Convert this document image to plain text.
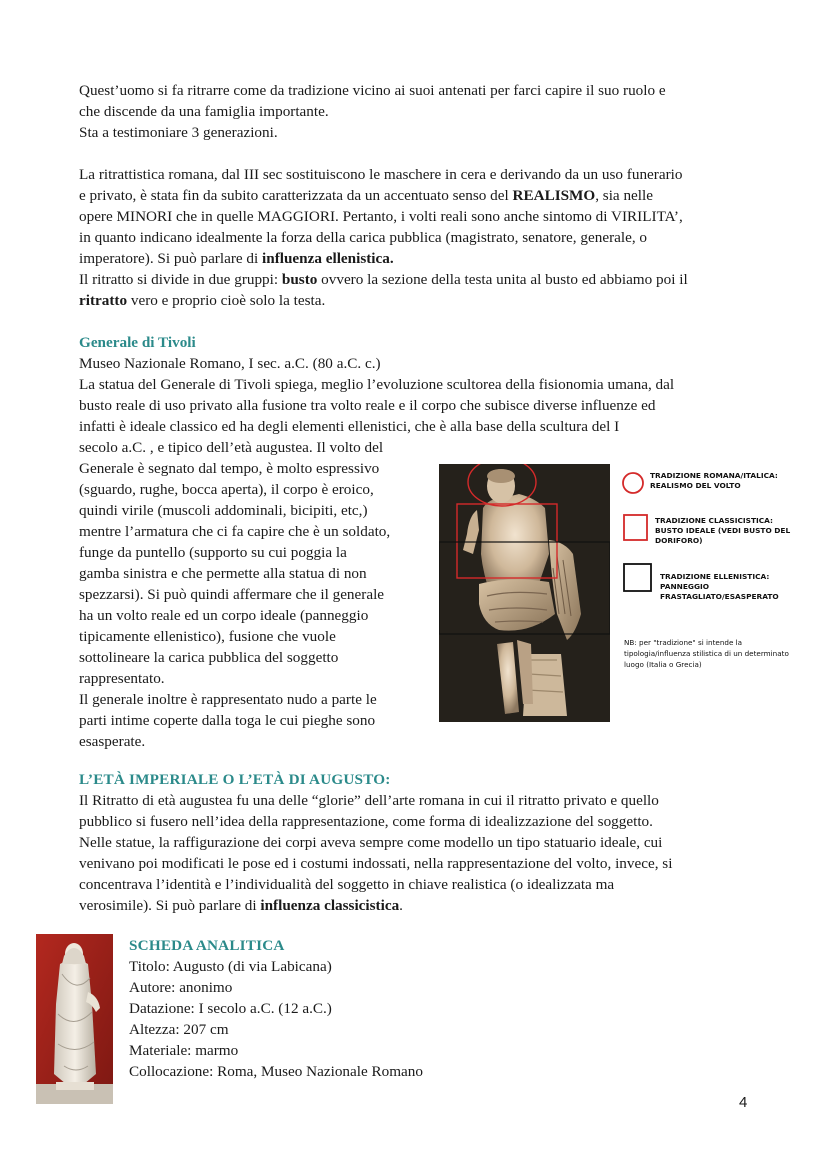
Quest’uomo si fa ritrarre come da tradizione vicino ai suoi antenati per farci capire il suo ruolo e

che discende da una famiglia importante.

Sta a testimoniare 3 generazioni.

La ritrattistica romana, dal III sec sostituiscono le maschere in cera e derivando da un uso funerario

e privato, è stata fin da subito caratterizzata da un accentuato senso del REALISMO, sia nelle

opere MINORI che in quelle MAGGIORI. Pertanto, i volti reali sono anche sintomo di VIRILITA’,

in quanto indicano idealmente la forza della carica pubblica (magistrato, senatore, generale, o

imperatore). Si può parlare di influenza ellenistica.

Il ritratto si divide in due gruppi: busto ovvero la sezione della testa unita al busto ed abbiamo poi il

ritratto vero e proprio cioè solo la testa.

Generale di Tivoli

Museo Nazionale Romano, I sec. a.C. (80 a.C. c.)

La statua del Generale di Tivoli spiega, meglio l’evoluzione scultorea della fisionomia umana, dal

busto reale di uso privato alla fusione tra volto reale e il corpo che subisce diverse influenze ed

infatti è ideale classico ed ha degli elementi ellenistici, che è alla base della scultura del I

secolo a.C. , e tipico dell’età augustea. Il volto del

Generale è segnato dal tempo, è molto espressivo

(sguardo, rughe, bocca aperta), il corpo è eroico,

quindi virile (muscoli addominali, bicipiti, etc,)

mentre l’armatura che ci fa capire che è un soldato,

funge da puntello (supporto su cui poggia la

gamba sinistra e che permette alla statua di non

spezzarsi). Si può quindi affermare che il generale

ha un volto reale ed un corpo ideale (panneggio

tipicamente ellenistico), fusione che vuole

sottolineare la carica pubblica del soggetto

rappresentato.

Il generale inoltre è rappresentato nudo a parte le

parti intime coperte dalla toga le cui pieghe sono

esasperate.

TRADIZIONE ROMANA/ITALICA:
REALISMO DEL VOLTO
TRADIZIONE CLASSICISTICA:
BUSTO IDEALE (VEDI BUSTO DEL DORIFORO)
TRADIZIONE ELLENISTICA:
PANNEGGIO FRASTAGLIATO/ESASPERATO
NB: per "tradizione" si intende la
tipologia/influenza stilistica di un determinato
luogo (Italia o Grecia)
L’ETÀ IMPERIALE O L’ETÀ DI AUGUSTO:

Il Ritratto di età augustea fu una delle “glorie” dell’arte romana in cui il ritratto privato e quello

pubblico si fusero nell’idea della rappresentazione, come forma di idealizzazione del soggetto.

Nelle statue, la raffigurazione dei corpi aveva sempre come modello un tipo statuario ideale, cui

venivano poi modificati le pose ed i costumi indossati, nella rappresentazione del volto, invece, si

concentrava l’identità e l’individualità del soggetto in chiave realistica (o idealizzata ma

verosimile). Si può parlare di influenza classicistica.

SCHEDA ANALITICA

Titolo: Augusto (di via Labicana)

Autore: anonimo

Datazione: I secolo a.C. (12 a.C.)

Altezza: 207 cm

Materiale: marmo

Collocazione: Roma, Museo Nazionale Romano

4
